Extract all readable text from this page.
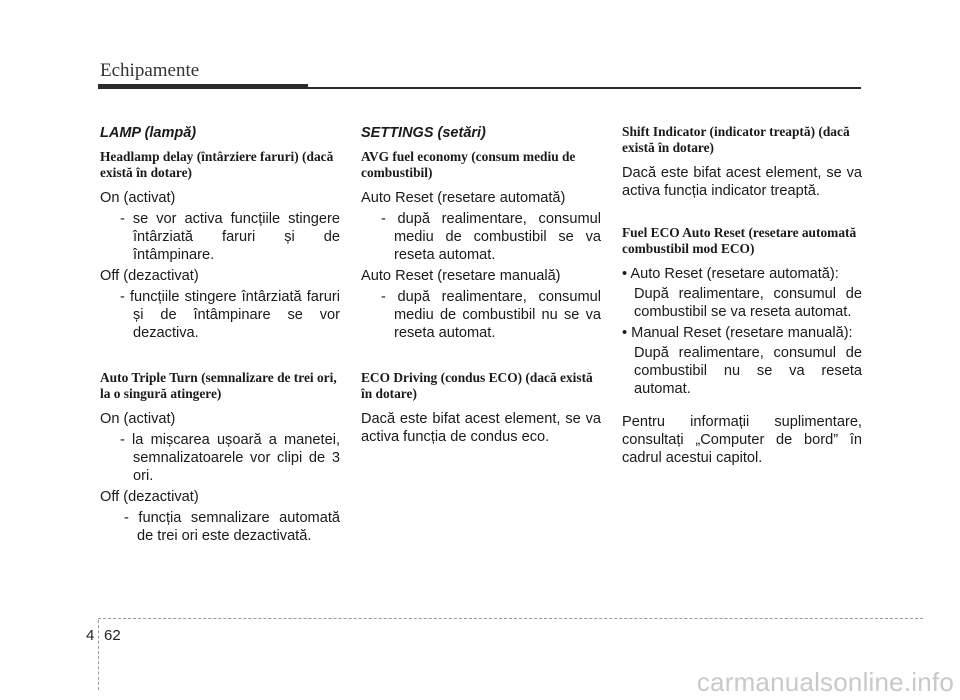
Echipamente
LAMP (lampă)
Headlamp delay (întârziere faruri) (dacă există în dotare)
On (activat)
- se vor activa funcțiile stingere întârziată faruri și de întâmpinare.
Off (dezactivat)
- funcțiile stingere întârziată faruri și de întâmpinare se vor dezactiva.
Auto Triple Turn (semnalizare de trei ori, la o singură atingere)
On (activat)
- la mișcarea ușoară a manetei, semnalizatoarele vor clipi de 3 ori.
Off (dezactivat)
- funcția semnalizare automată de trei ori este dezactivată.
SETTINGS (setări)
AVG fuel economy (consum mediu de combustibil)
Auto Reset (resetare automată)
- după realimentare, consumul mediu de combustibil se va reseta automat.
Auto Reset (resetare manuală)
- după realimentare, consumul mediu de combustibil nu se va reseta automat.
ECO Driving (condus ECO) (dacă există în dotare)
Dacă este bifat acest element, se va activa funcția de condus eco.
Shift Indicator (indicator treaptă) (dacă există în dotare)
Dacă este bifat acest element, se va activa funcția indicator treaptă.
Fuel ECO Auto Reset (resetare automată combustibil mod ECO)
• Auto Reset (resetare automată):
După realimentare, consumul de combustibil se va reseta automat.
• Manual Reset (resetare manuală):
După realimentare, consumul de combustibil nu se va reseta automat.
Pentru informații suplimentare, consultați „Computer de bord” în cadrul acestui capitol.
4 62
carmanualsonline.info
